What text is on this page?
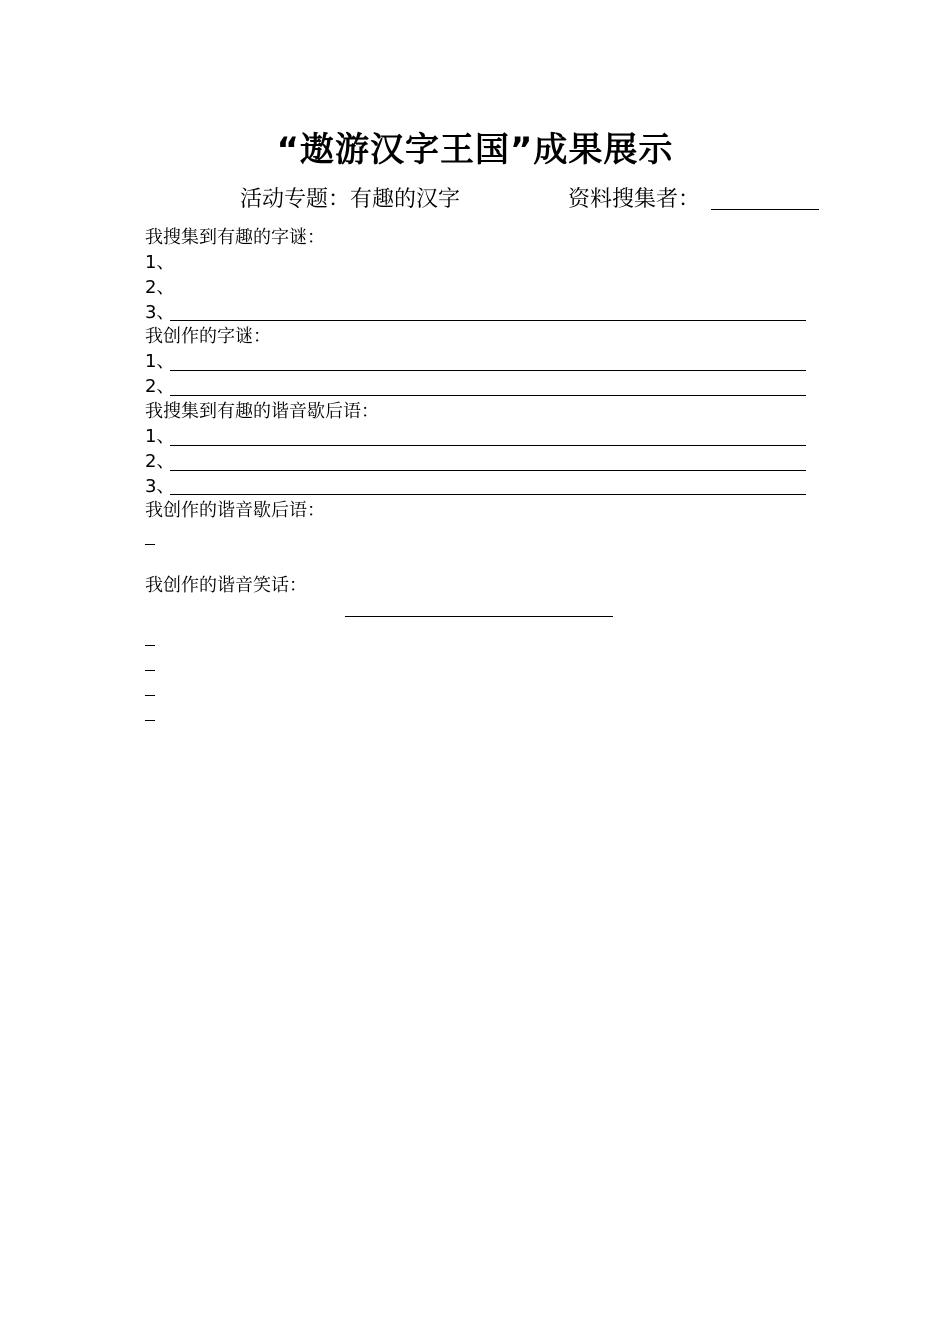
“遨游汉字王国”成果展示
活动专题：有趣的汉字	资料搜集者：
我搜集到有趣的字谜：
1、
2、
3、
我创作的字谜：
1、
2、
我搜集到有趣的谐音歇后语：
1、
2、
3、
我创作的谐音歇后语：
我创作的谐音笑话：
